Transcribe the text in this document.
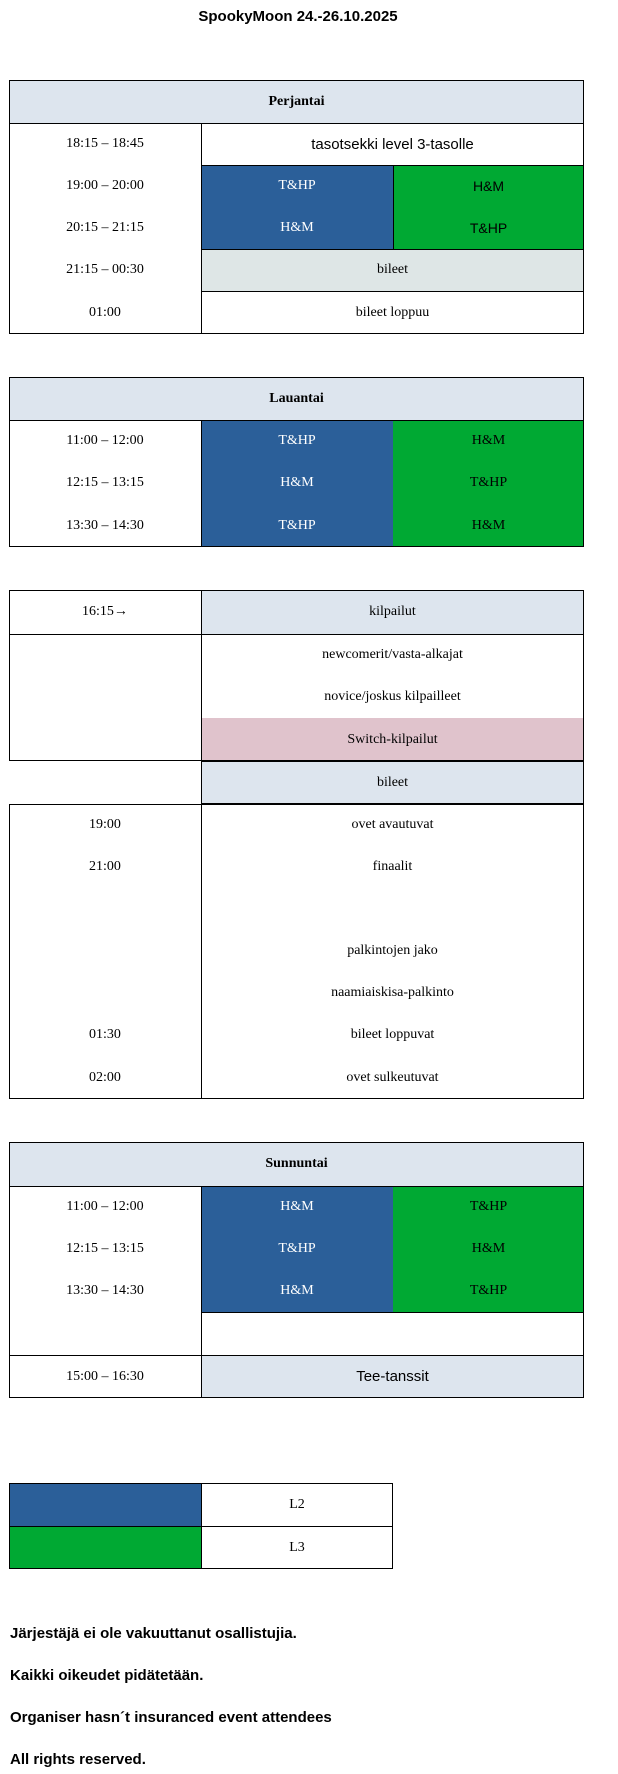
SpookyMoon 24.-26.10.2025
Perjantai
18:15 – 18:45	tasotsekki level 3-tasolle
19:00 – 20:00	T&HP	H&M
20:15 – 21:15	H&M	T&HP
21:15 – 00:30	bileet
01:00	bileet loppuu
Lauantai
11:00 – 12:00	T&HP	H&M
12:15 – 13:15	H&M	T&HP
13:30 – 14:30	T&HP	H&M
16:15→	kilpailut
newcomerit/vasta-alkajat
novice/joskus kilpailleet
Switch-kilpailut
bileet
19:00	ovet avautuvat
21:00	finaalit
palkintojen jako
naamiaiskisa-palkinto
01:30	bileet loppuvat
02:00	ovet sulkeutuvat
Sunnuntai
11:00 – 12:00	H&M	T&HP
12:15 – 13:15	T&HP	H&M
13:30 – 14:30	H&M	T&HP
15:00 – 16:30	Tee-tanssit
L2
L3
Järjestäjä ei ole vakuuttanut osallistujia.
Kaikki oikeudet pidätetään.
Organiser hasn´t insuranced event attendees
All rights reserved.
